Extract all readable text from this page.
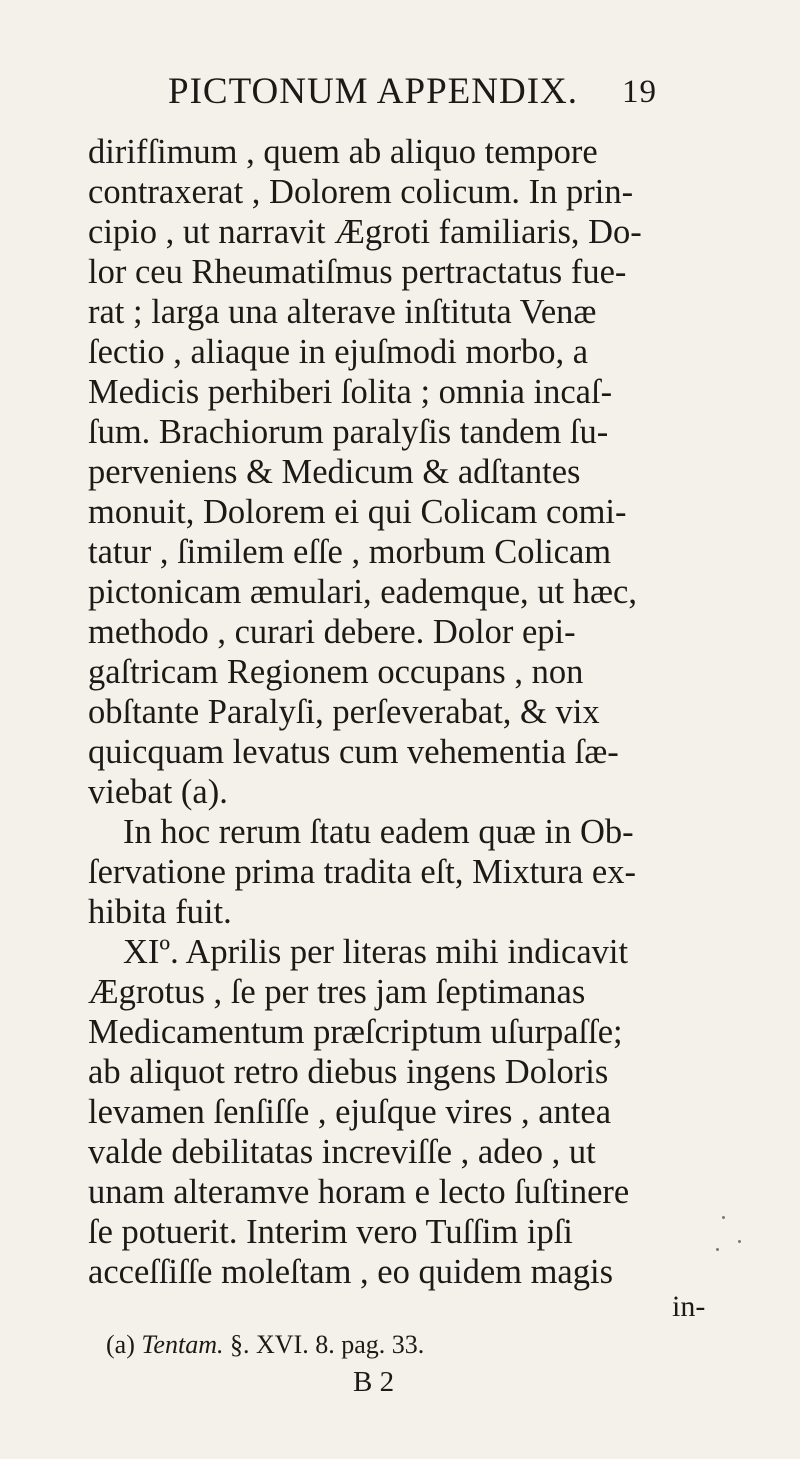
PICTONUM APPENDIX. 19
dirifſimum , quem ab aliquo tempore
contraxerat , Dolorem colicum. In prin-
cipio , ut narravit Ægroti familiaris, Do-
lor ceu Rheumatiſmus pertractatus fue-
rat ; larga una alterave inſtituta Venæ
ſectio , aliaque in ejuſmodi morbo, a
Medicis perhiberi ſolita ; omnia incaſ-
ſum. Brachiorum paralyſis tandem ſu-
perveniens & Medicum & adſtantes
monuit, Dolorem ei qui Colicam comi-
tatur , ſimilem eſſe , morbum Colicam
pictonicam æmulari, eademque, ut hæc,
methodo , curari debere. Dolor epi-
gaſtricam Regionem occupans , non
obſtante Paralyſi, perſeverabat, & vix
quicquam levatus cum vehementia ſæ-
viebat (a).
In hoc rerum ſtatu eadem quæ in Ob-
ſervatione prima tradita eſt, Mixtura ex-
hibita fuit.
XIº. Aprilis per literas mihi indicavit
Ægrotus , ſe per tres jam ſeptimanas
Medicamentum præſcriptum uſurpaſſe;
ab aliquot retro diebus ingens Doloris
levamen ſenſiſſe , ejuſque vires , antea
valde debilitatas increviſſe , adeo , ut
unam alteramve horam e lecto ſuſtinere
ſe potuerit. Interim vero Tuſſim ipſi
acceſſiſſe moleſtam , eo quidem magis
in-
(a) Tentam. §. XVI. 8. pag. 33.
B 2
